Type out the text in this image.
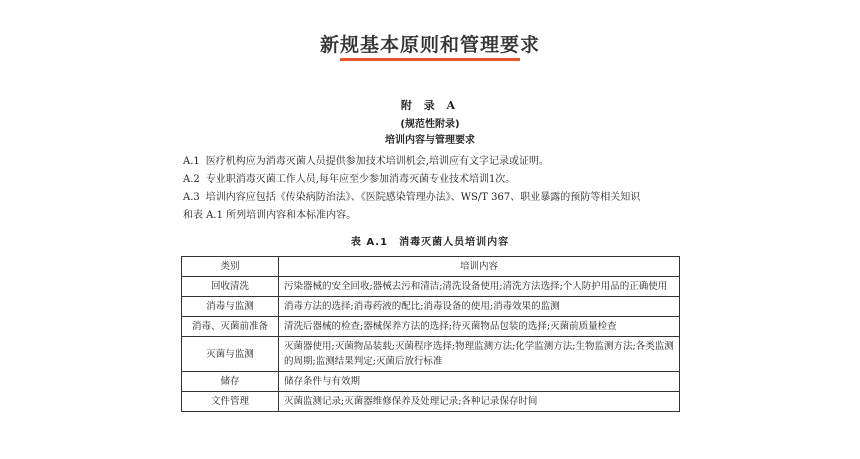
新规基本原则和管理要求
附 录 A
(规范性附录)
培训内容与管理要求
A.1 医疗机构应为消毒灭菌人员提供参加技术培训机会,培训应有文字记录或证明。
A.2 专业职消毒灭菌工作人员,每年应至少参加消毒灭菌专业技术培训1次。
A.3 培训内容应包括《传染病防治法》、《医院感染管理办法》、WS/T 367、职业暴露的预防等相关知识
和表 A.1 所列培训内容和本标准内容。
表 A.1　消毒灭菌人员培训内容
类别	培训内容
回收清洗	污染器械的安全回收;器械去污和清洁;清洗设备使用;清洗方法选择;个人防护用品的正确使用
消毒与监测	消毒方法的选择;消毒药液的配比;消毒设备的使用;消毒效果的监测
消毒、灭菌前准备	清洗后器械的检查;器械保养方法的选择;待灭菌物品包装的选择;灭菌前质量检查
灭菌与监测	灭菌器使用;灭菌物品装载;灭菌程序选择;物理监测方法;化学监测方法;生物监测方法;各类监测的周期;监测结果判定;灭菌后放行标准
储存	储存条件与有效期
文件管理	灭菌监测记录;灭菌器维修保养及处理记录;各种记录保存时间
